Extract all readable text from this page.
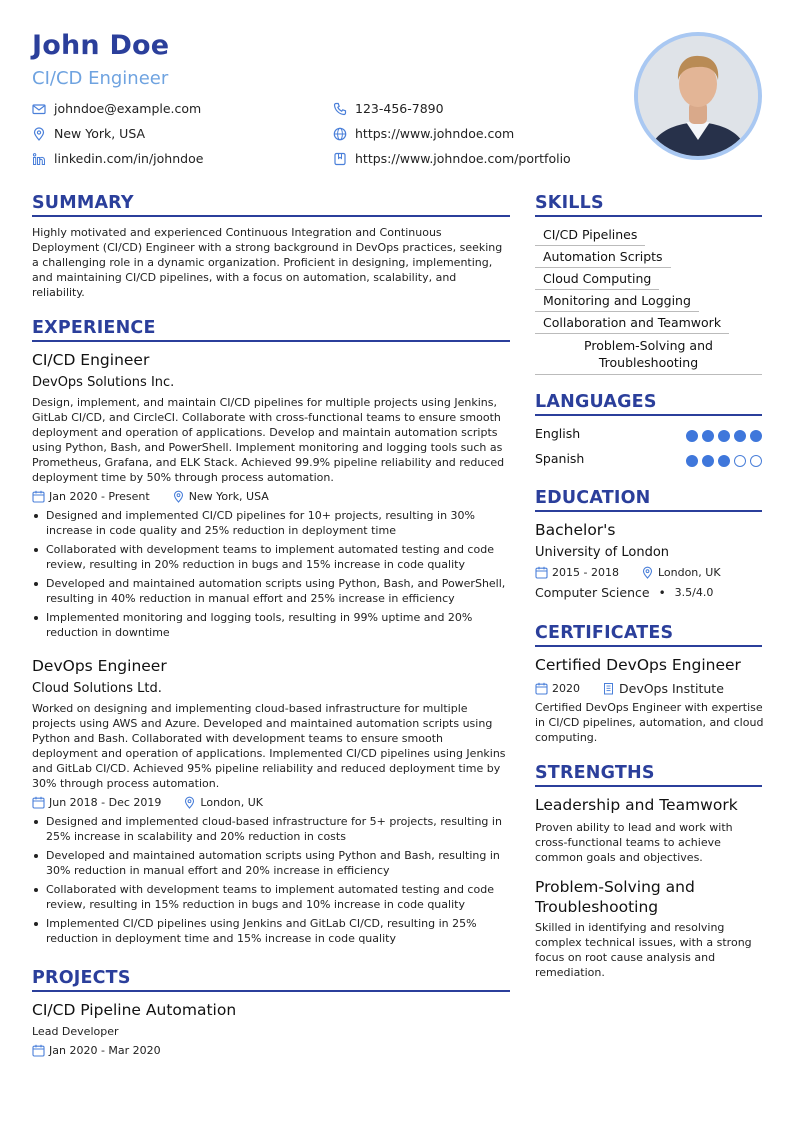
John Doe
CI/CD Engineer
johndoe@example.com
New York, USA
linkedin.com/in/johndoe
123-456-7890
https://www.johndoe.com
https://www.johndoe.com/portfolio
SUMMARY
Highly motivated and experienced Continuous Integration and Continuous Deployment (CI/CD) Engineer with a strong background in DevOps practices, seeking a challenging role in a dynamic organization. Proficient in designing, implementing, and maintaining CI/CD pipelines, with a focus on automation, scalability, and reliability.
EXPERIENCE
CI/CD Engineer
DevOps Solutions Inc.
Design, implement, and maintain CI/CD pipelines for multiple projects using Jenkins, GitLab CI/CD, and CircleCI. Collaborate with cross-functional teams to ensure smooth deployment and operation of applications. Develop and maintain automation scripts using Python, Bash, and PowerShell. Implement monitoring and logging tools such as Prometheus, Grafana, and ELK Stack. Achieved 99.9% pipeline reliability and reduced deployment time by 50% through process automation.
Jan 2020 - Present	New York, USA
Designed and implemented CI/CD pipelines for 10+ projects, resulting in 30% increase in code quality and 25% reduction in deployment time
Collaborated with development teams to implement automated testing and code review, resulting in 20% reduction in bugs and 15% increase in code quality
Developed and maintained automation scripts using Python, Bash, and PowerShell, resulting in 40% reduction in manual effort and 25% increase in efficiency
Implemented monitoring and logging tools, resulting in 99% uptime and 20% reduction in downtime
DevOps Engineer
Cloud Solutions Ltd.
Worked on designing and implementing cloud-based infrastructure for multiple projects using AWS and Azure. Developed and maintained automation scripts using Python and Bash. Collaborated with development teams to ensure smooth deployment and operation of applications. Implemented CI/CD pipelines using Jenkins and GitLab CI/CD. Achieved 95% pipeline reliability and reduced deployment time by 30% through process automation.
Jun 2018 - Dec 2019	London, UK
Designed and implemented cloud-based infrastructure for 5+ projects, resulting in 25% increase in scalability and 20% reduction in costs
Developed and maintained automation scripts using Python and Bash, resulting in 30% reduction in manual effort and 20% increase in efficiency
Collaborated with development teams to implement automated testing and code review, resulting in 15% reduction in bugs and 10% increase in code quality
Implemented CI/CD pipelines using Jenkins and GitLab CI/CD, resulting in 25% reduction in deployment time and 15% increase in code quality
PROJECTS
CI/CD Pipeline Automation
Lead Developer
Jan 2020 - Mar 2020
SKILLS
CI/CD Pipelines
Automation Scripts
Cloud Computing
Monitoring and Logging
Collaboration and Teamwork
Problem-Solving and Troubleshooting
LANGUAGES
English
Spanish
EDUCATION
Bachelor's
University of London
2015 - 2018	London, UK
Computer Science • 3.5/4.0
CERTIFICATES
Certified DevOps Engineer
2020	DevOps Institute
Certified DevOps Engineer with expertise in CI/CD pipelines, automation, and cloud computing.
STRENGTHS
Leadership and Teamwork
Proven ability to lead and work with cross-functional teams to achieve common goals and objectives.
Problem-Solving and Troubleshooting
Skilled in identifying and resolving complex technical issues, with a strong focus on root cause analysis and remediation.
